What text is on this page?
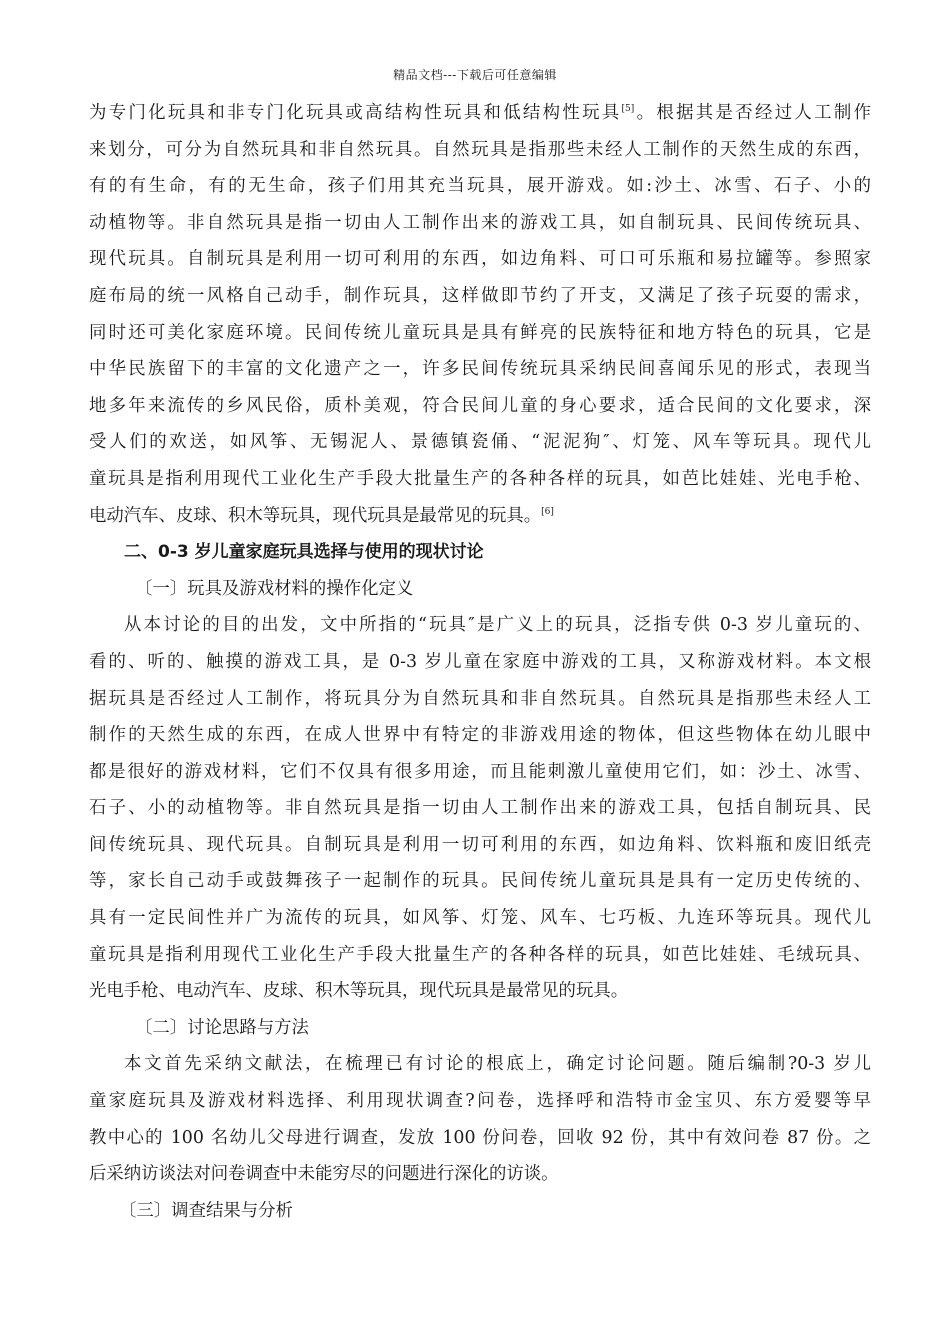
精品文档---下载后可任意编辑
为专门化玩具和非专门化玩具或高结构性玩具和低结构性玩具[5]。根据其是否经过人工制作
来划分，可分为自然玩具和非自然玩具。自然玩具是指那些未经人工制作的天然生成的东西，
有的有生命，有的无生命，孩子们用其充当玩具，展开游戏。如:沙土、冰雪、石子、小的
动植物等。非自然玩具是指一切由人工制作出来的游戏工具，如自制玩具、民间传统玩具、
现代玩具。自制玩具是利用一切可利用的东西，如边角料、可口可乐瓶和易拉罐等。参照家
庭布局的统一风格自己动手，制作玩具，这样做即节约了开支，又满足了孩子玩耍的需求，
同时还可美化家庭环境。民间传统儿童玩具是具有鲜亮的民族特征和地方特色的玩具，它是
中华民族留下的丰富的文化遗产之一，许多民间传统玩具采纳民间喜闻乐见的形式，表现当
地多年来流传的乡风民俗，质朴美观，符合民间儿童的身心要求，适合民间的文化要求，深
受人们的欢送，如风筝、无锡泥人、景德镇瓷俑、“泥泥狗″、灯笼、风车等玩具。现代儿
童玩具是指利用现代工业化生产手段大批量生产的各种各样的玩具，如芭比娃娃、光电手枪、
电动汽车、皮球、积木等玩具，现代玩具是最常见的玩具。[6]
二、0-3 岁儿童家庭玩具选择与使用的现状讨论
〔一〕玩具及游戏材料的操作化定义
从本讨论的目的出发，文中所指的“玩具″是广义上的玩具，泛指专供 0-3 岁儿童玩的、
看的、听的、触摸的游戏工具，是 0-3 岁儿童在家庭中游戏的工具，又称游戏材料。本文根
据玩具是否经过人工制作，将玩具分为自然玩具和非自然玩具。自然玩具是指那些未经人工
制作的天然生成的东西，在成人世界中有特定的非游戏用途的物体，但这些物体在幼儿眼中
都是很好的游戏材料，它们不仅具有很多用途，而且能刺激儿童使用它们，如：沙土、冰雪、
石子、小的动植物等。非自然玩具是指一切由人工制作出来的游戏工具，包括自制玩具、民
间传统玩具、现代玩具。自制玩具是利用一切可利用的东西，如边角料、饮料瓶和废旧纸壳
等，家长自己动手或鼓舞孩子一起制作的玩具。民间传统儿童玩具是具有一定历史传统的、
具有一定民间性并广为流传的玩具，如风筝、灯笼、风车、七巧板、九连环等玩具。现代儿
童玩具是指利用现代工业化生产手段大批量生产的各种各样的玩具，如芭比娃娃、毛绒玩具、
光电手枪、电动汽车、皮球、积木等玩具，现代玩具是最常见的玩具。
〔二〕讨论思路与方法
本文首先采纳文献法，在梳理已有讨论的根底上，确定讨论问题。随后编制?0-3 岁儿
童家庭玩具及游戏材料选择、利用现状调查?问卷，选择呼和浩特市金宝贝、东方爱婴等早
教中心的 100 名幼儿父母进行调查，发放 100 份问卷，回收 92 份，其中有效问卷 87 份。之
后采纳访谈法对问卷调查中未能穷尽的问题进行深化的访谈。
〔三〕调查结果与分析
